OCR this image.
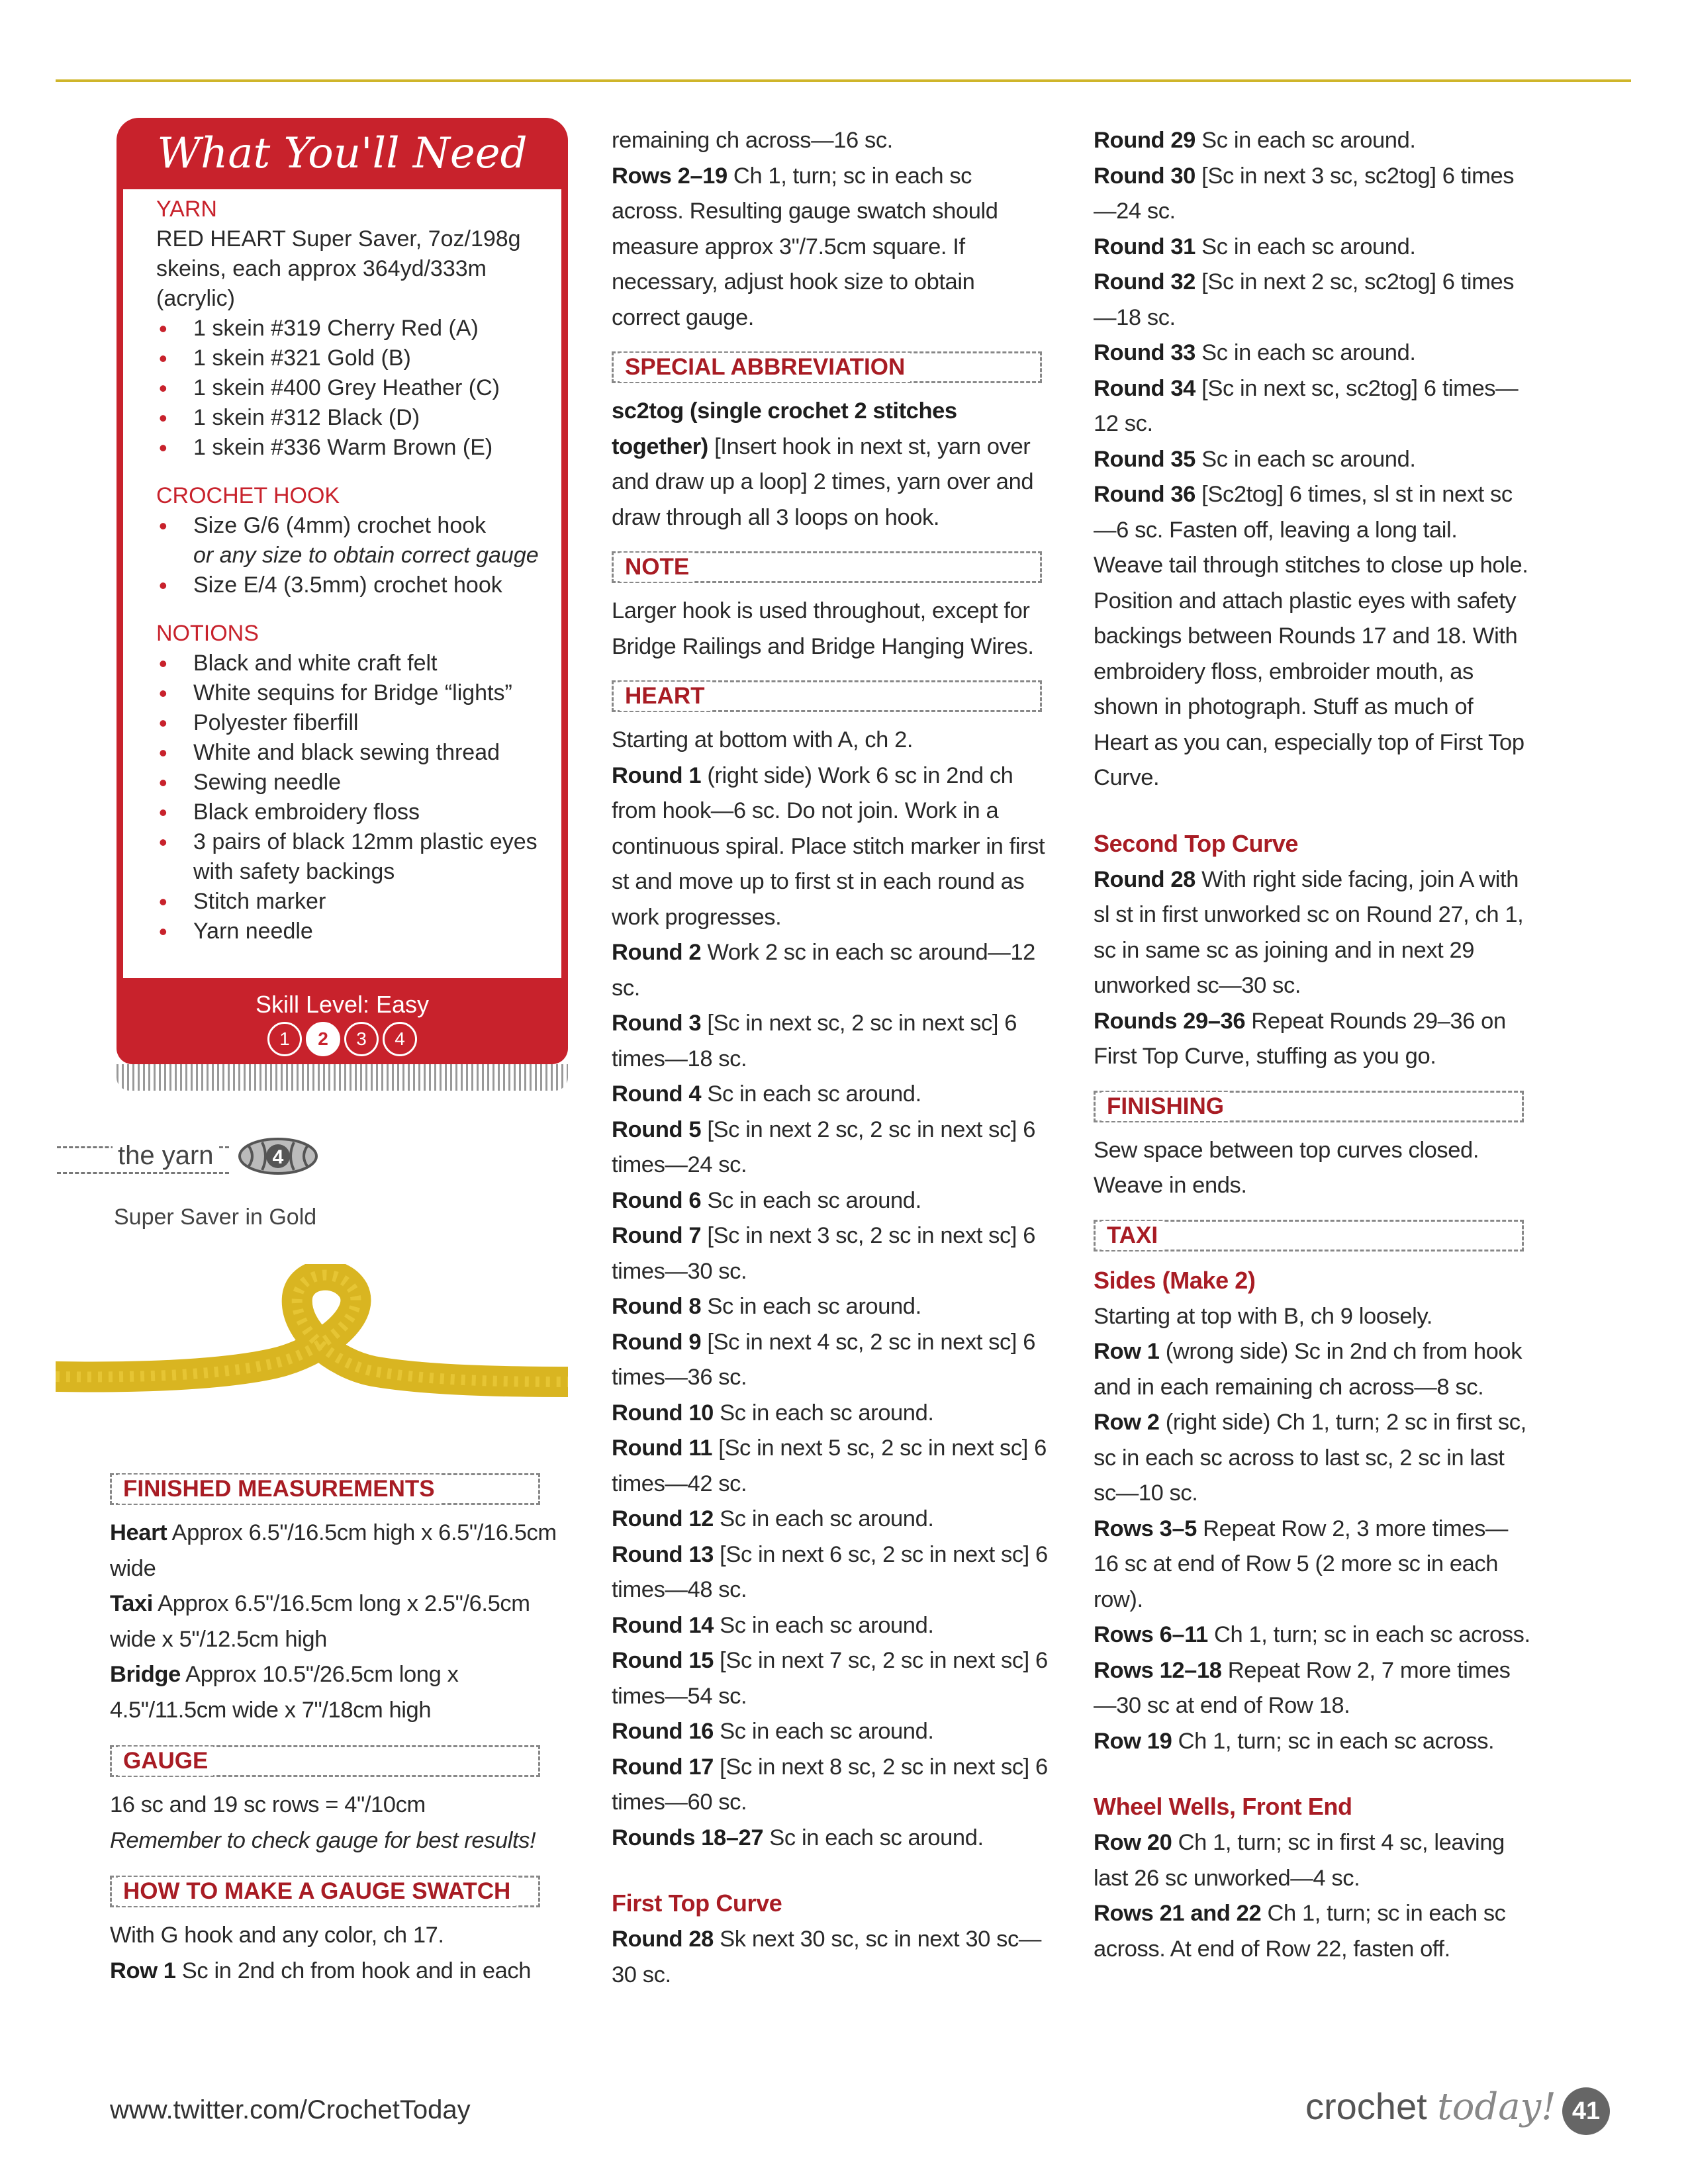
What You'll Need

YARN

RED HEART Super Saver, 7oz/198g skeins, each approx 364yd/333m (acrylic)

• 1 skein #319 Cherry Red (A)
• 1 skein #321 Gold (B)
• 1 skein #400 Grey Heather (C)
• 1 skein #312 Black (D)
• 1 skein #336 Warm Brown (E)

CROCHET HOOK

• Size G/6 (4mm) crochet hook
or any size to obtain correct gauge
• Size E/4 (3.5mm) crochet hook

NOTIONS

• Black and white craft felt
• White sequins for Bridge “lights”
• Polyester fiberfill
• White and black sewing thread
• Sewing needle
• Black embroidery floss
• 3 pairs of black 12mm plastic eyes with safety backings
• Stitch marker
• Yarn needle
Skill Level: Easy
1	2	3	4
the yarn	4
Super Saver in Gold
FINISHED MEASUREMENTS

Heart Approx 6.5"/16.5cm high x 6.5"/16.5cm wide

Taxi Approx 6.5"/16.5cm long x 2.5"/6.5cm wide x 5"/12.5cm high

Bridge Approx 10.5"/26.5cm long x 4.5"/11.5cm wide x 7"/18cm high

GAUGE

16 sc and 19 sc rows = 4"/10cm

Remember to check gauge for best results!

HOW TO MAKE A GAUGE SWATCH

With G hook and any color, ch 17.

Row 1 Sc in 2nd ch from hook and in each

remaining ch across—16 sc.

Rows 2–19 Ch 1, turn; sc in each sc across. Resulting gauge swatch should measure approx 3"/7.5cm square. If necessary, adjust hook size to obtain correct gauge.

SPECIAL ABBREVIATION

sc2tog (single crochet 2 stitches together) [Insert hook in next st, yarn over and draw up a loop] 2 times, yarn over and draw through all 3 loops on hook.

NOTE

Larger hook is used throughout, except for Bridge Railings and Bridge Hanging Wires.

HEART

Starting at bottom with A, ch 2.

Round 1 (right side) Work 6 sc in 2nd ch from hook—6 sc. Do not join. Work in a continuous spiral. Place stitch marker in first st and move up to first st in each round as work progresses.

Round 2 Work 2 sc in each sc around—12 sc.

Round 3 [Sc in next sc, 2 sc in next sc] 6 times—18 sc.

Round 4 Sc in each sc around.

Round 5 [Sc in next 2 sc, 2 sc in next sc] 6 times—24 sc.

Round 6 Sc in each sc around.

Round 7 [Sc in next 3 sc, 2 sc in next sc] 6 times—30 sc.

Round 8 Sc in each sc around.

Round 9 [Sc in next 4 sc, 2 sc in next sc] 6 times—36 sc.

Round 10 Sc in each sc around.

Round 11 [Sc in next 5 sc, 2 sc in next sc] 6 times—42 sc.

Round 12 Sc in each sc around.

Round 13 [Sc in next 6 sc, 2 sc in next sc] 6 times—48 sc.

Round 14 Sc in each sc around.

Round 15 [Sc in next 7 sc, 2 sc in next sc] 6 times—54 sc.

Round 16 Sc in each sc around.

Round 17 [Sc in next 8 sc, 2 sc in next sc] 6 times—60 sc.

Rounds 18–27 Sc in each sc around.

First Top Curve

Round 28 Sk next 30 sc, sc in next 30 sc—30 sc.

Round 29 Sc in each sc around.

Round 30 [Sc in next 3 sc, sc2tog] 6 times—24 sc.

Round 31 Sc in each sc around.

Round 32 [Sc in next 2 sc, sc2tog] 6 times—18 sc.

Round 33 Sc in each sc around.

Round 34 [Sc in next sc, sc2tog] 6 times—12 sc.

Round 35 Sc in each sc around.

Round 36 [Sc2tog] 6 times, sl st in next sc—6 sc. Fasten off, leaving a long tail. Weave tail through stitches to close up hole. Position and attach plastic eyes with safety backings between Rounds 17 and 18. With embroidery floss, embroider mouth, as shown in photograph. Stuff as much of Heart as you can, especially top of First Top Curve.

Second Top Curve

Round 28 With right side facing, join A with sl st in first unworked sc on Round 27, ch 1, sc in same sc as joining and in next 29 unworked sc—30 sc.

Rounds 29–36 Repeat Rounds 29–36 on First Top Curve, stuffing as you go.

FINISHING

Sew space between top curves closed. Weave in ends.

TAXI

Sides (Make 2)

Starting at top with B, ch 9 loosely.

Row 1 (wrong side) Sc in 2nd ch from hook and in each remaining ch across—8 sc.

Row 2 (right side) Ch 1, turn; 2 sc in first sc, sc in each sc across to last sc, 2 sc in last sc—10 sc.

Rows 3–5 Repeat Row 2, 3 more times—16 sc at end of Row 5 (2 more sc in each row).

Rows 6–11 Ch 1, turn; sc in each sc across.

Rows 12–18 Repeat Row 2, 7 more times—30 sc at end of Row 18.

Row 19 Ch 1, turn; sc in each sc across.

Wheel Wells, Front End

Row 20 Ch 1, turn; sc in first 4 sc, leaving last 26 sc unworked—4 sc.

Rows 21 and 22 Ch 1, turn; sc in each sc across. At end of Row 22, fasten off.

www.twitter.com/CrochetToday	crochet today! 41
